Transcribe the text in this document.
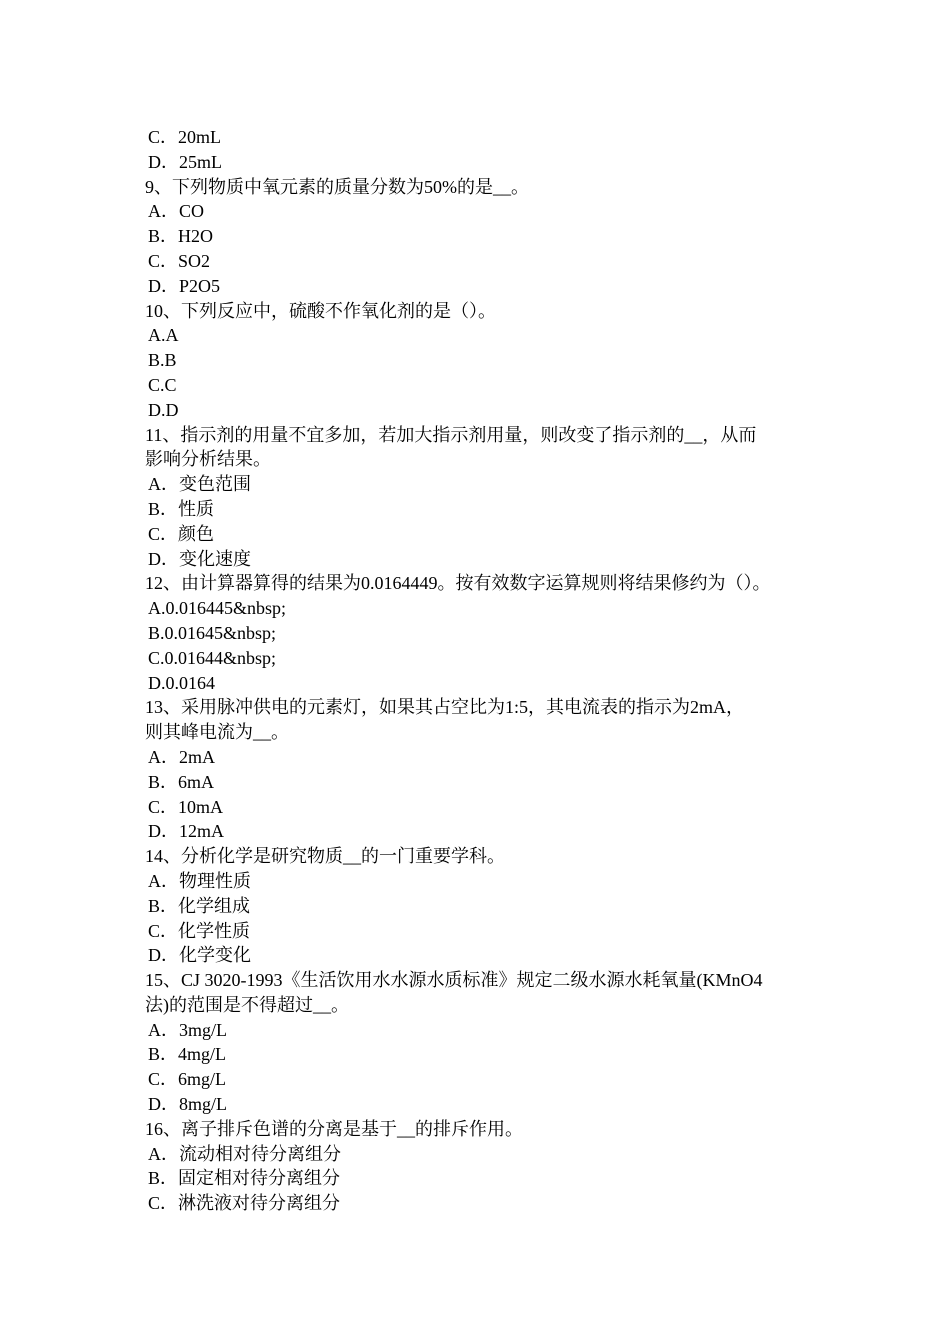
C．20mL
D．25mL
9、下列物质中氧元素的质量分数为50%的是__。
A．CO
B．H2O
C．SO2
D．P2O5
10、下列反应中，硫酸不作氧化剂的是（）。
A.A
B.B
C.C
D.D
11、指示剂的用量不宜多加，若加大指示剂用量，则改变了指示剂的__，从而
影响分析结果。
A．变色范围
B．性质
C．颜色
D．变化速度
12、由计算器算得的结果为0.0164449。按有效数字运算规则将结果修约为（）。
A.0.016445&nbsp;
B.0.01645&nbsp;
C.0.01644&nbsp;
D.0.0164
13、采用脉冲供电的元素灯，如果其占空比为1:5，其电流表的指示为2mA，
则其峰电流为__。
A．2mA
B．6mA
C．10mA
D．12mA
14、分析化学是研究物质__的一门重要学科。
A．物理性质
B．化学组成
C．化学性质
D．化学变化
15、CJ 3020-1993《生活饮用水水源水质标准》规定二级水源水耗氧量(KMnO4
法)的范围是不得超过__。
A．3mg/L
B．4mg/L
C．6mg/L
D．8mg/L
16、离子排斥色谱的分离是基于__的排斥作用。
A．流动相对待分离组分
B．固定相对待分离组分
C．淋洗液对待分离组分
